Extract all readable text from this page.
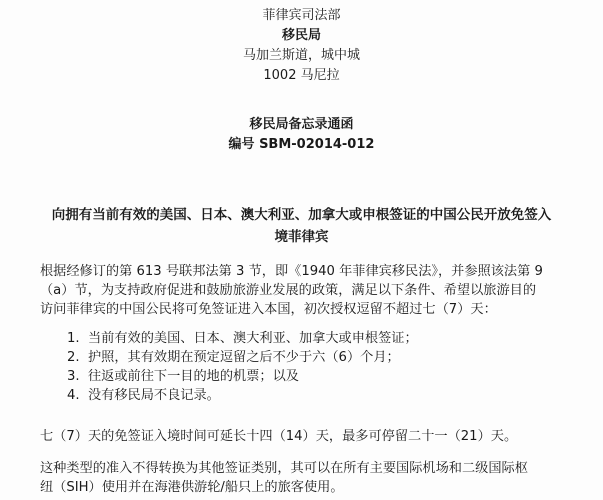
菲律宾司法部
移民局
马加兰斯道，城中城
1002 马尼拉
移民局备忘录通函
编号 SBM-02014-012
向拥有当前有效的美国、日本、澳大利亚、加拿大或申根签证的中国公民开放免签入
境菲律宾
根据经修订的第 613 号联邦法第 3 节，即《1940 年菲律宾移民法》，并参照该法第 9
（a）节，为支持政府促进和鼓励旅游业发展的政策，满足以下条件、希望以旅游目的
访问菲律宾的中国公民将可免签证进入本国，初次授权逗留不超过七（7）天：
1. 当前有效的美国、日本、澳大利亚、加拿大或申根签证；
2. 护照，其有效期在预定逗留之后不少于六（6）个月；
3. 往返或前往下一目的地的机票；以及
4. 没有移民局不良记录。
七（7）天的免签证入境时间可延长十四（14）天，最多可停留二十一（21）天。
这种类型的准入不得转换为其他签证类别，其可以在所有主要国际机场和二级国际枢
纽（SIH）使用并在海港供游轮/船只上的旅客使用。
